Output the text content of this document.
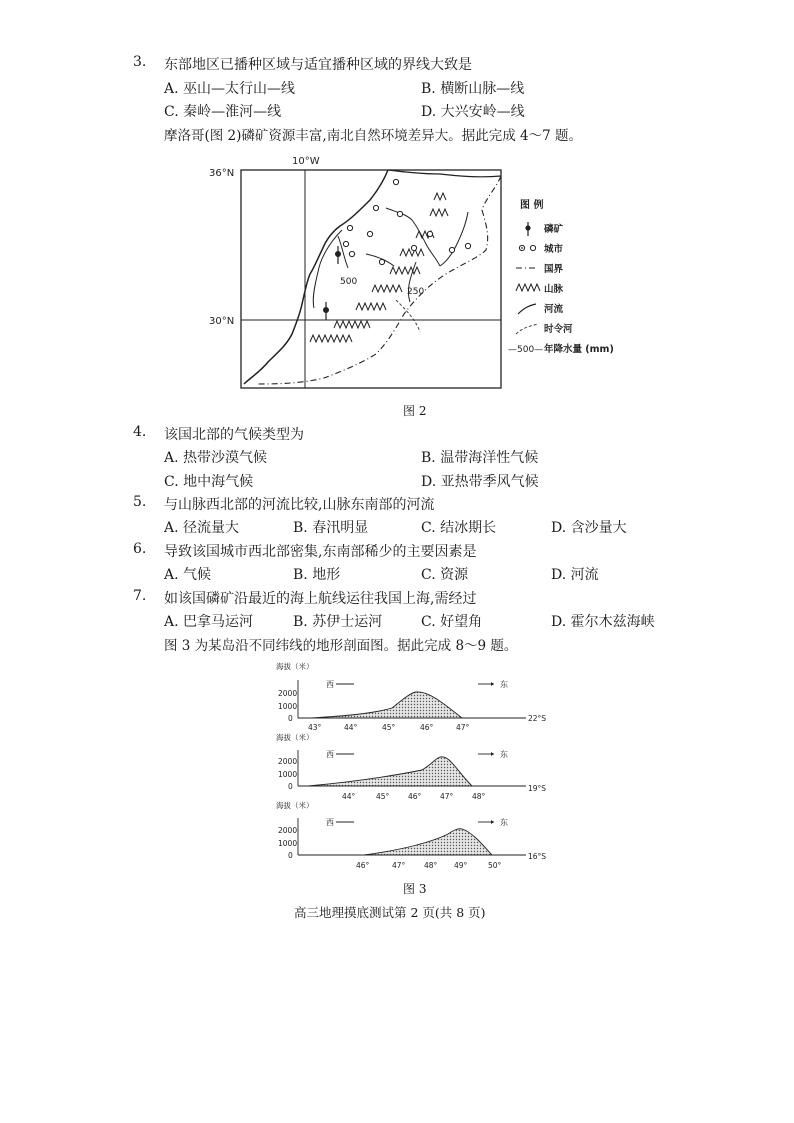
3. 东部地区已播种区域与适宜播种区域的界线大致是
A. 巫山—太行山—线	B. 横断山脉—线
C. 秦岭—淮河—线	D. 大兴安岭—线
摩洛哥(图 2)磷矿资源丰富,南北自然环境差异大。据此完成 4～7 题。
500
250
36°N
30°N
10°W
图 例
磷矿
城市
国界
山脉
河流
时令河
—500— 年降水量 (mm)
图 2
4. 该国北部的气候类型为
A. 热带沙漠气候	B. 温带海洋性气候
C. 地中海气候	D. 亚热带季风气候
5. 与山脉西北部的河流比较,山脉东南部的河流
A. 径流量大	B. 春汛明显	C. 结冰期长	D. 含沙量大
6. 导致该国城市西北部密集,东南部稀少的主要因素是
A. 气候	B. 地形	C. 资源	D. 河流
7. 如该国磷矿沿最近的海上航线运往我国上海,需经过
A. 巴拿马运河	B. 苏伊士运河	C. 好望角	D. 霍尔木兹海峡
图 3 为某岛沿不同纬线的地形剖面图。据此完成 8～9 题。
海拔（米）
西	东
2000
1000
0
43°	44°	45°	46°	47°
22°S
海拔（米）
西	东
2000
1000
0
44°	45° 46° 47° 48°
19°S
海拔（米）
西	东
2000
1000
0
46°	47° 48° 49°	50°
16°S
图 3
高三地理摸底测试第 2 页(共 8 页)
